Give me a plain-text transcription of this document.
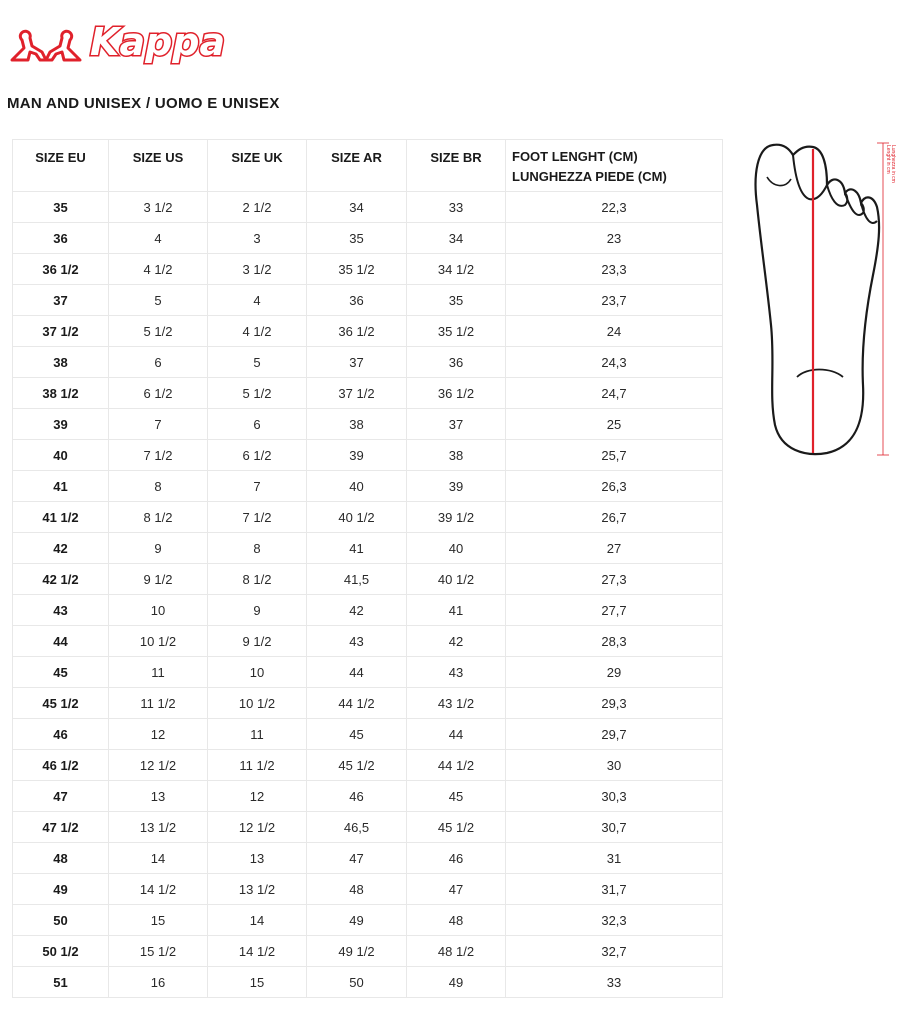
Kappa
MAN AND UNISEX / UOMO E UNISEX
SIZE EU	SIZE US	SIZE UK	SIZE AR	SIZE BR	FOOT LENGHT (CM)
LUNGHEZZA PIEDE (CM)

35	3 1/2	2 1/2	34	33	22,3
36	4	3	35	34	23
36 1/2	4 1/2	3 1/2	35 1/2	34 1/2	23,3
37	5	4	36	35	23,7
37 1/2	5 1/2	4 1/2	36 1/2	35 1/2	24
38	6	5	37	36	24,3
38 1/2	6 1/2	5 1/2	37 1/2	36 1/2	24,7
39	7	6	38	37	25
40	7 1/2	6 1/2	39	38	25,7
41	8	7	40	39	26,3
41 1/2	8 1/2	7 1/2	40 1/2	39 1/2	26,7
42	9	8	41	40	27
42 1/2	9 1/2	8 1/2	41,5	40 1/2	27,3
43	10	9	42	41	27,7
44	10 1/2	9 1/2	43	42	28,3
45	11	10	44	43	29
45 1/2	11 1/2	10 1/2	44 1/2	43 1/2	29,3
46	12	11	45	44	29,7
46 1/2	12 1/2	11 1/2	45 1/2	44 1/2	30
47	13	12	46	45	30,3
47 1/2	13 1/2	12 1/2	46,5	45 1/2	30,7
48	14	13	47	46	31
49	14 1/2	13 1/2	48	47	31,7
50	15	14	49	48	32,3
50 1/2	15 1/2	14 1/2	49 1/2	48 1/2	32,7
51	16	15	50	49	33
Lenght in cm Lunghezza in cm
